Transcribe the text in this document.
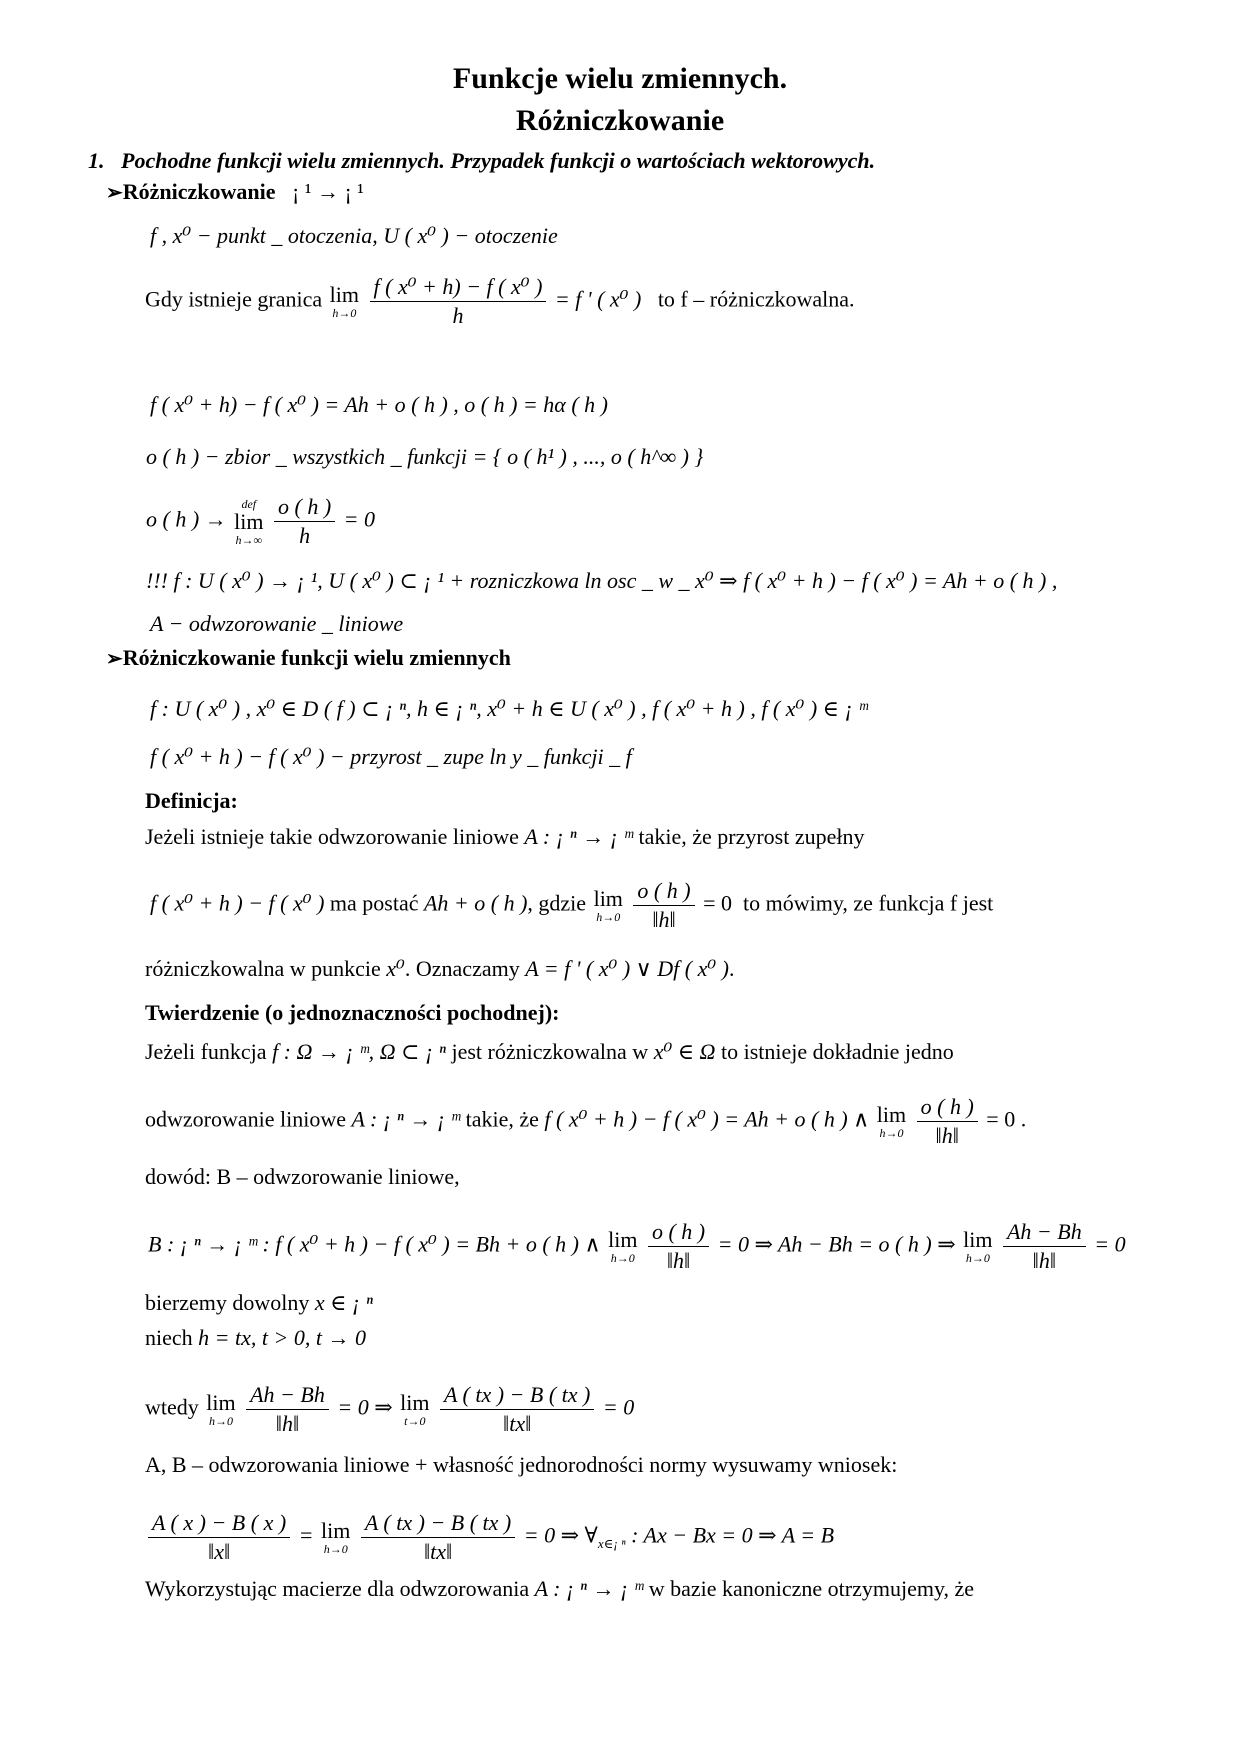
Funkcje wielu zmiennych.
Różniczkowanie
1. Pochodne funkcji wielu zmiennych. Przypadek funkcji o wartościach wektorowych.
➢Różniczkowanie ¡ ¹ → ¡ ¹
f , x⁰ − punkt _ otoczenia, U ( x⁰ ) − otoczenie
Gdy istnieje granica lim
h→0
$\frac{\text{f ( x⁰ + h) − f ( x⁰ )}}{h} = f$ ' ( x⁰ ) to f – różniczkowalna.
f ( x⁰ + h) − f ( x⁰ ) = Ah + o ( h ) , o ( h ) = hα ( h )
o ( h ) − zbior _ wszystkich _ funkcji = { o ( h¹ ) , ..., o ( h^∞ ) }
o ( h ) →
def
lim
h→∞
$\frac{o ( h )}{h} = 0$
!!! f : U ( x⁰ ) → ¡ ¹, U ( x⁰ ) ⊂ ¡ ¹ + rozniczkowa ln osc _ w _ x⁰ ⇒ f ( x⁰ + h ) − f ( x⁰ ) = Ah + o ( h ) ,
A − odwzorowanie _ liniowe
➢Różniczkowanie funkcji wielu zmiennych
f : U ( x⁰ ) , x⁰ ∈ D ( f ) ⊂ ¡ ⁿ, h ∈ ¡ ⁿ, x⁰ + h ∈ U ( x⁰ ) , f ( x⁰ + h ) , f ( x⁰ ) ∈ ¡ ᵐ
f ( x⁰ + h ) − f ( x⁰ ) − przyrost _ zupe ln y _ funkcji _ f
Definicja:
Jeżeli istnieje takie odwzorowanie liniowe A : ¡ ⁿ → ¡ ᵐ takie, że przyrost zupełny
f ( x⁰ + h ) − f ( x⁰ ) ma postać Ah + o ( h ), gdzie lim
h→0
$\frac{o ( h )}{‖h‖} = 0$ to mówimy, ze funkcja f jest
różniczkowalna w punkcie x⁰. Oznaczamy A = f ' ( x⁰ ) ∨ Df ( x⁰ ).
Twierdzenie (o jednoznaczności pochodnej):
Jeżeli funkcja f : Ω → ¡ ᵐ, Ω ⊂ ¡ ⁿ jest różniczkowalna w x⁰ ∈ Ω to istnieje dokładnie jedno
odwzorowanie liniowe A : ¡ ⁿ → ¡ ᵐ takie, że f ( x⁰ + h ) − f ( x⁰ ) = Ah + o ( h ) ∧ lim
h→0
$\frac{o ( h )}{‖h‖} = 0$ .
dowód: B – odwzorowanie liniowe,
B : ¡ ⁿ → ¡ ᵐ : f ( x⁰ + h ) − f ( x⁰ ) = Bh + o ( h ) ∧ lim
h→0
$\frac{o ( h )}{‖h‖} = 0$ ⇒ Ah − Bh = o ( h ) ⇒ lim
h→0
$\frac{Ah - Bh}{‖h‖} = 0$
bierzemy dowolny x ∈ ¡ ⁿ
niech h = tx, t > 0, t → 0
wtedy lim
h→0
$\frac{Ah - Bh}{‖h‖} = 0$ ⇒ lim
t→0
$\frac{A ( tx ) - B ( tx )}{‖tx‖} = 0$
A, B – odwzorowania liniowe + własność jednorodności normy wysuwamy wniosek:
$\frac{A ( x ) - B ( x )}{‖x‖} = \lim$
h→0
$\frac{A ( tx ) - B ( tx )}{‖tx‖} = 0$ ⇒ $\forall_{x\in¡ ^n}$ : Ax − Bx = 0 ⇒ A = B
Wykorzystując macierze dla odwzorowania A : ¡ ⁿ → ¡ ᵐ w bazie kanoniczne otrzymujemy, że
